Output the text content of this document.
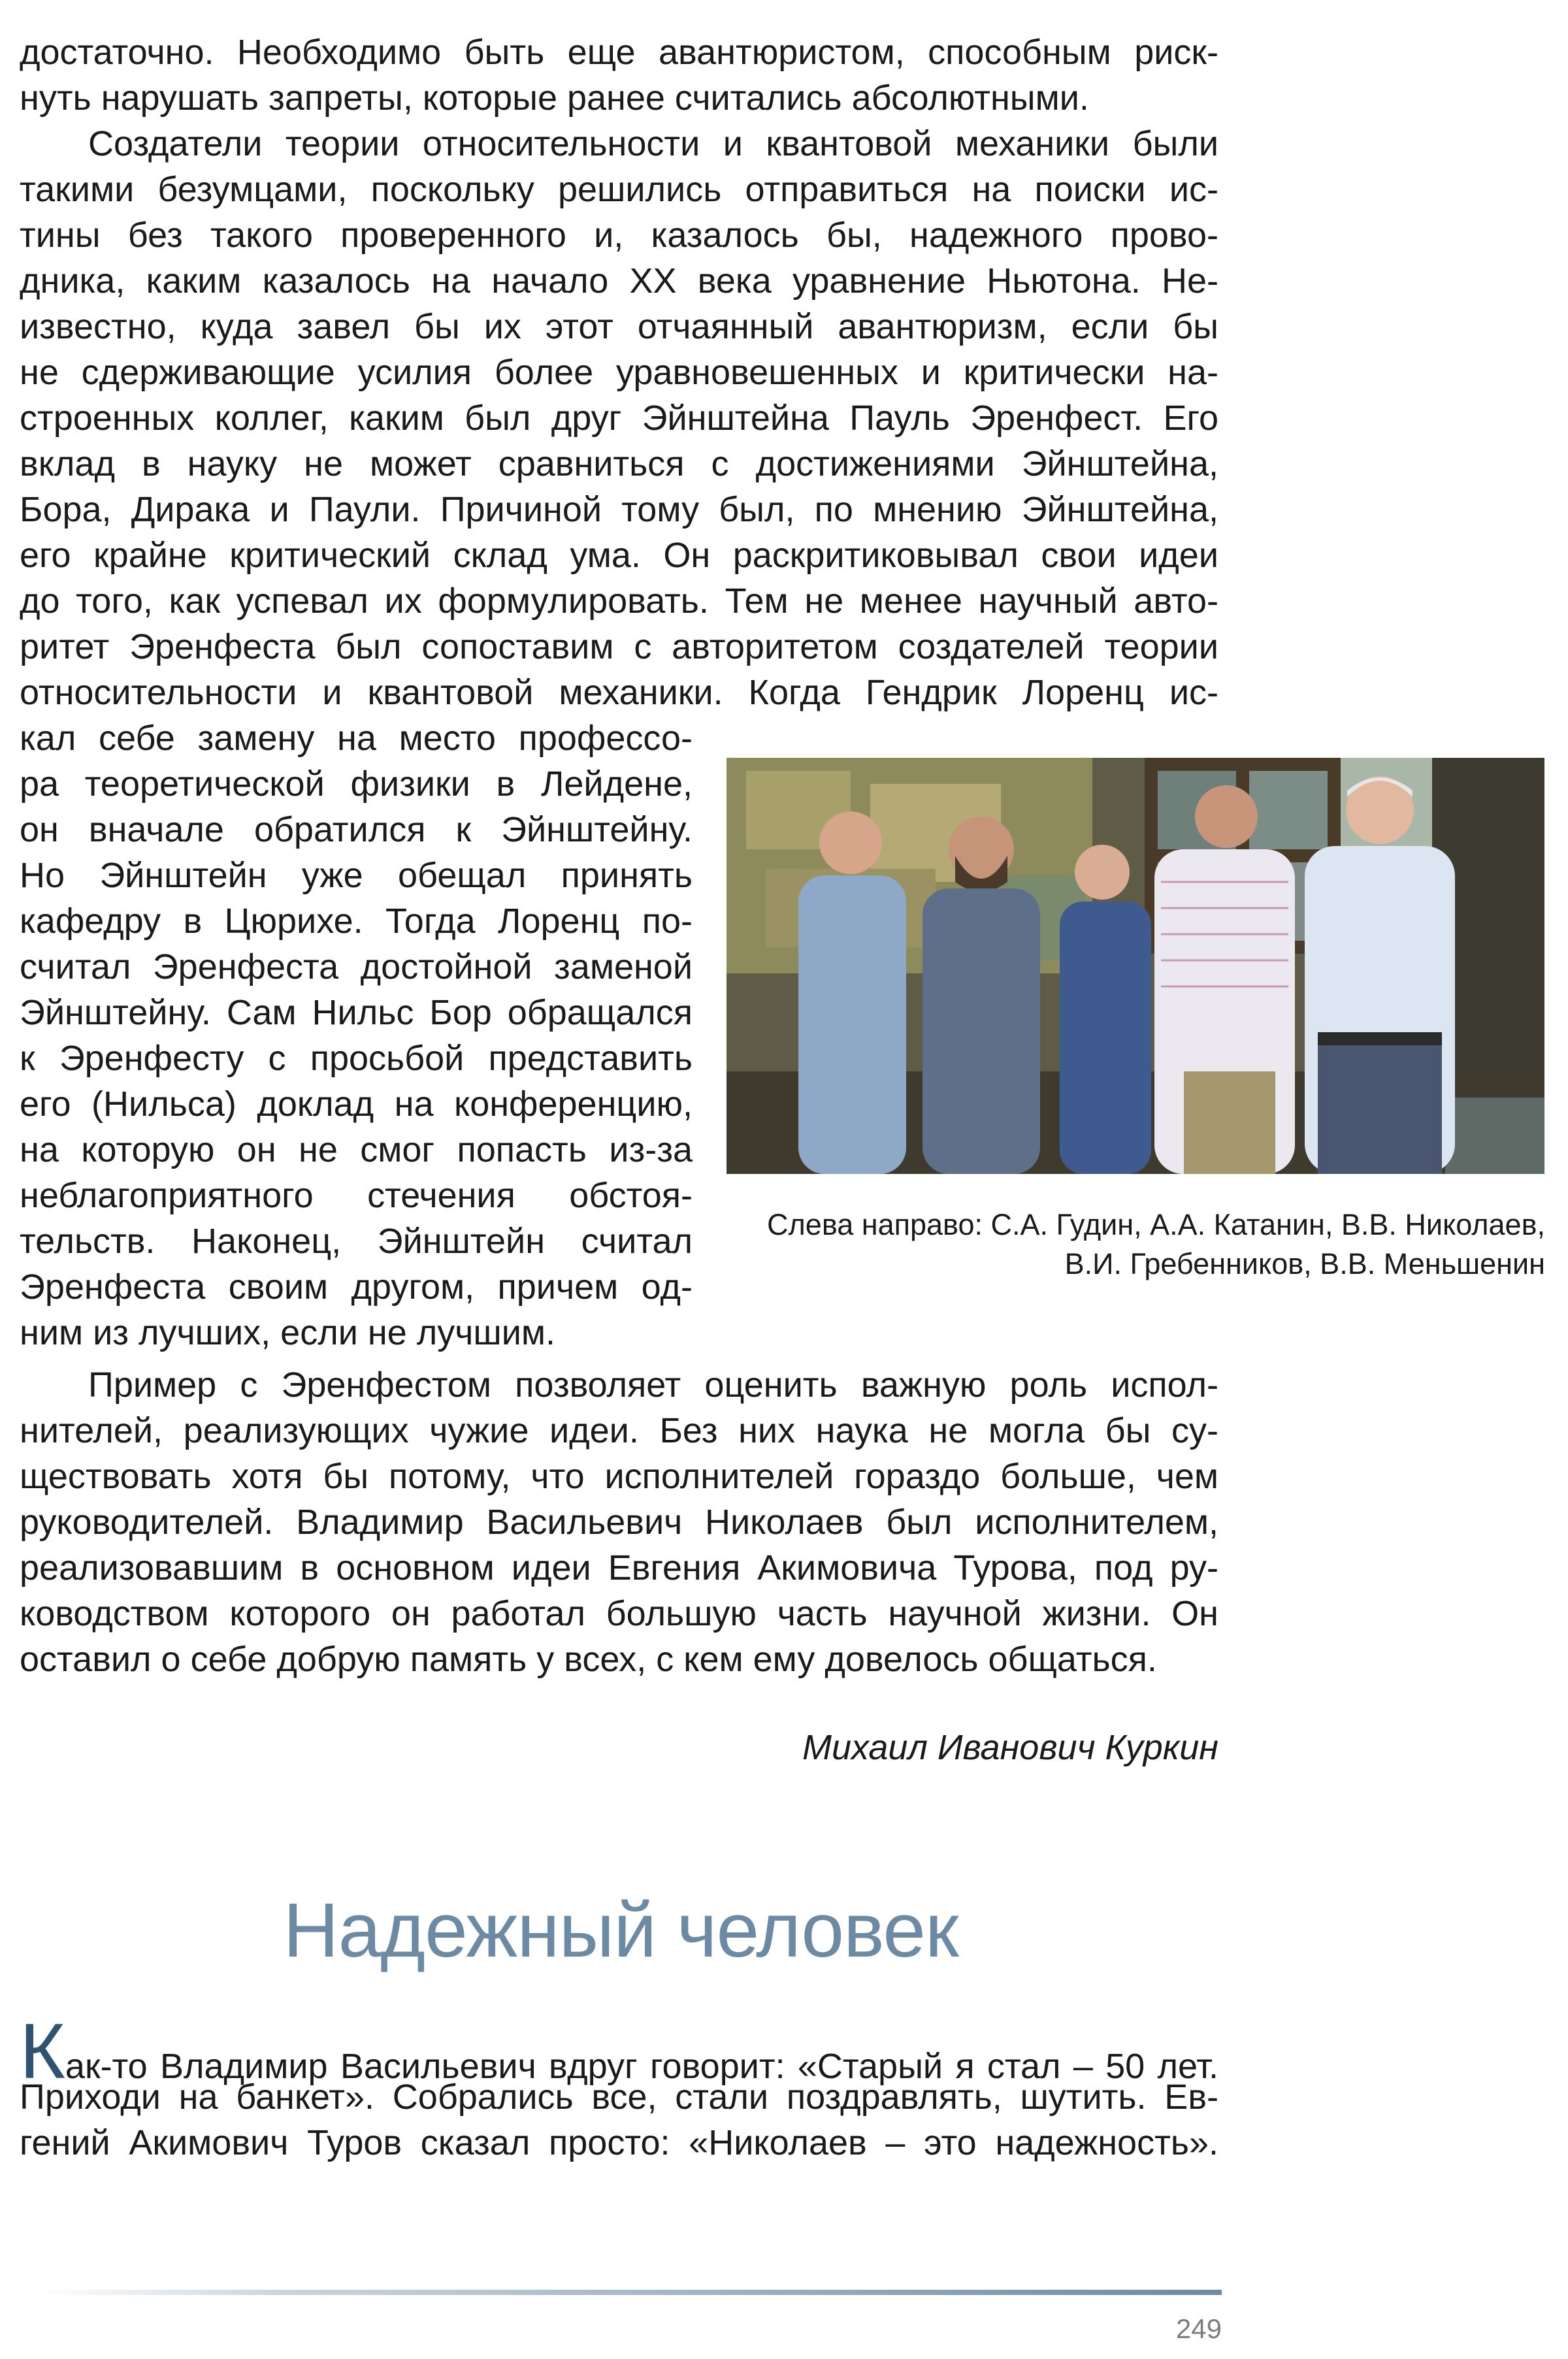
достаточно. Необходимо быть еще авантюристом, способным риск-
нуть нарушать запреты, которые ранее считались абсолютными.
Создатели теории относительности и квантовой механики были
такими безумцами, поскольку решились отправиться на поиски ис-
тины без такого проверенного и, казалось бы, надежного прово-
дника, каким казалось на начало XX века уравнение Ньютона. Не-
известно, куда завел бы их этот отчаянный авантюризм, если бы
не сдерживающие усилия более уравновешенных и критически на-
строенных коллег, каким был друг Эйнштейна Пауль Эренфест. Его
вклад в науку не может сравниться с достижениями Эйнштейна,
Бора, Дирака и Паули. Причиной тому был, по мнению Эйнштейна,
его крайне критический склад ума. Он раскритиковывал свои идеи
до того, как успевал их формулировать. Тем не менее научный авто-
ритет Эренфеста был сопоставим с авторитетом создателей теории
относительности и квантовой механики. Когда Гендрик Лоренц ис-
кал себе замену на место профессо-
ра теоретической физики в Лейдене,
он вначале обратился к Эйнштейну.
Но Эйнштейн уже обещал принять
кафедру в Цюрихе. Тогда Лоренц по-
считал Эренфеста достойной заменой
Эйнштейну. Сам Нильс Бор обращался
к Эренфесту с просьбой представить
его (Нильса) доклад на конференцию,
на которую он не смог попасть из-за
неблагоприятного стечения обстоя-
тельств. Наконец, Эйнштейн считал
Эренфеста своим другом, причем од-
ним из лучших, если не лучшим.
Слева направо: С.А. Гудин, А.А. Катанин, В.В. Николаев,
В.И. Гребенников, В.В. Меньшенин
Пример с Эренфестом позволяет оценить важную роль испол-
нителей, реализующих чужие идеи. Без них наука не могла бы су-
ществовать хотя бы потому, что исполнителей гораздо больше, чем
руководителей. Владимир Васильевич Николаев был исполнителем,
реализовавшим в основном идеи Евгения Акимовича Турова, под ру-
ководством которого он работал большую часть научной жизни. Он
оставил о себе добрую память у всех, с кем ему довелось общаться.
Михаил Иванович Куркин
Надежный человек
Как-то Владимир Васильевич вдруг говорит: «Старый я стал – 50 лет.
Приходи на банкет». Собрались все, стали поздравлять, шутить. Ев-
гений Акимович Туров сказал просто: «Николаев – это надежность».
249
